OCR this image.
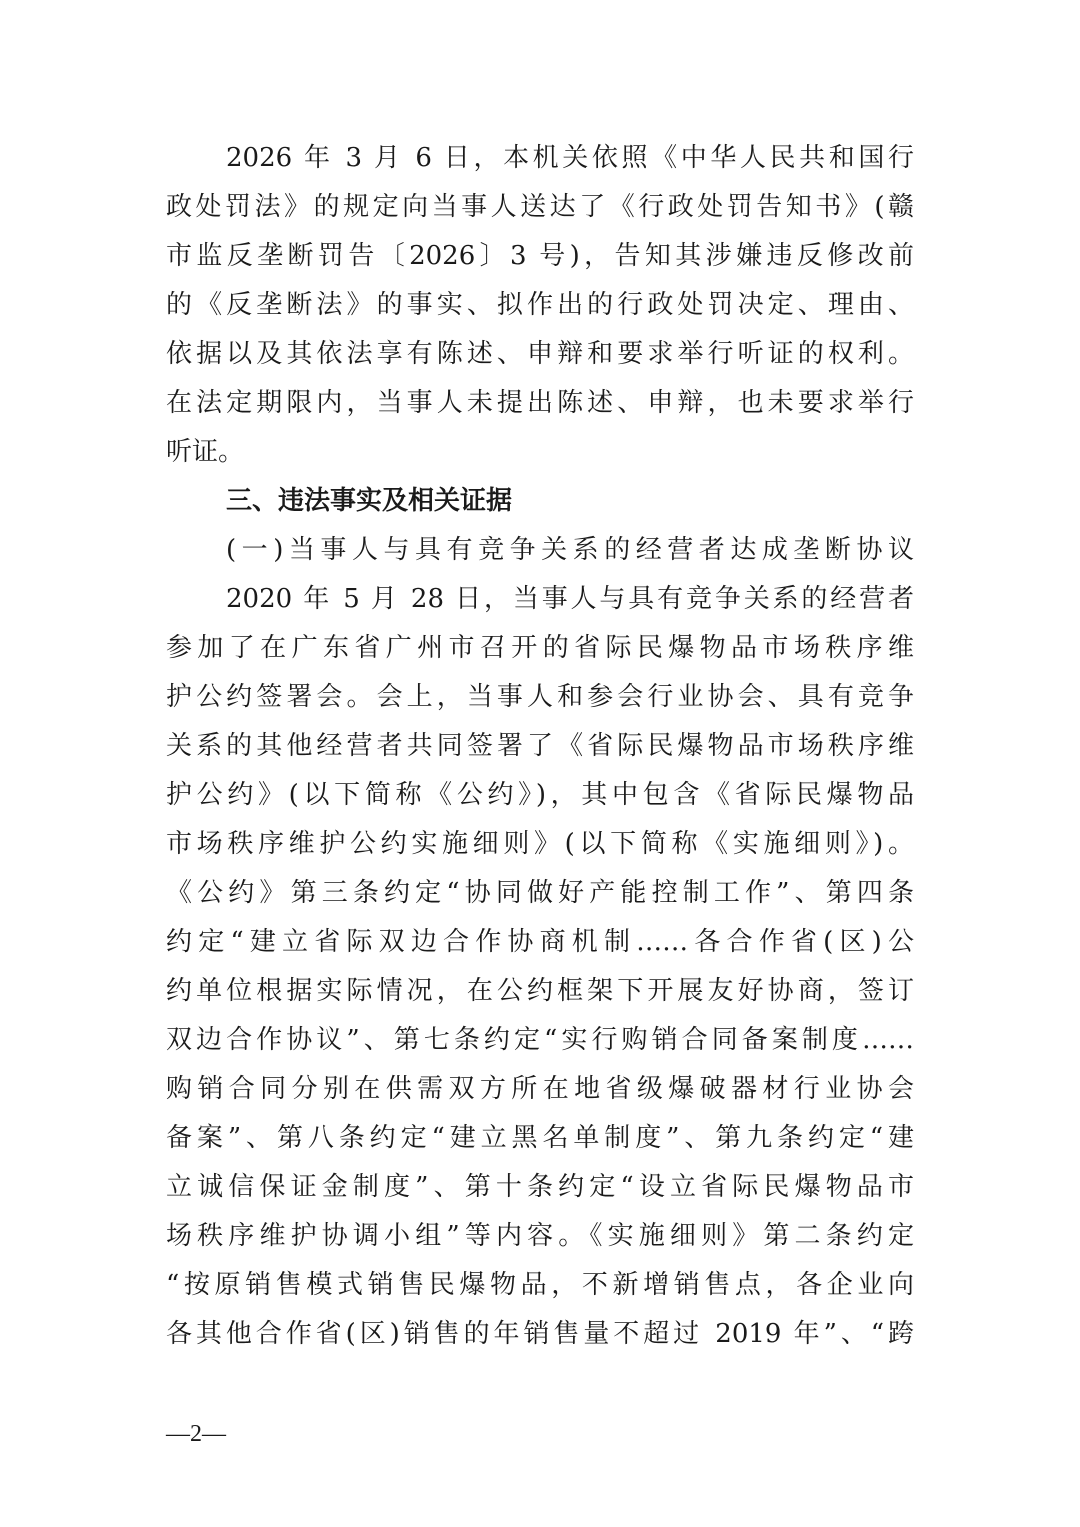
2026 年 3 月 6 日，本机关依照《中华人民共和国行
政处罚法》的规定向当事人送达了《行政处罚告知书》(赣
市监反垄断罚告〔2026〕3 号)，告知其涉嫌违反修改前
的《反垄断法》的事实、拟作出的行政处罚决定、理由、
依据以及其依法享有陈述、申辩和要求举行听证的权利。
在法定期限内，当事人未提出陈述、申辩，也未要求举行
听证。
三、违法事实及相关证据
(一)当事人与具有竞争关系的经营者达成垄断协议
2020 年 5 月 28 日，当事人与具有竞争关系的经营者
参加了在广东省广州市召开的省际民爆物品市场秩序维
护公约签署会。会上，当事人和参会行业协会、具有竞争
关系的其他经营者共同签署了《省际民爆物品市场秩序维
护公约》(以下简称《公约》)，其中包含《省际民爆物品
市场秩序维护公约实施细则》(以下简称《实施细则》)。
《公约》第三条约定“协同做好产能控制工作”、第四条
约定“建立省际双边合作协商机制……各合作省(区)公
约单位根据实际情况，在公约框架下开展友好协商，签订
双边合作协议”、第七条约定“实行购销合同备案制度……
购销合同分别在供需双方所在地省级爆破器材行业协会
备案”、第八条约定“建立黑名单制度”、第九条约定“建
立诚信保证金制度”、第十条约定“设立省际民爆物品市
场秩序维护协调小组”等内容。《实施细则》第二条约定
“按原销售模式销售民爆物品，不新增销售点，各企业向
各其他合作省(区)销售的年销售量不超过 2019 年”、“跨
—2—
